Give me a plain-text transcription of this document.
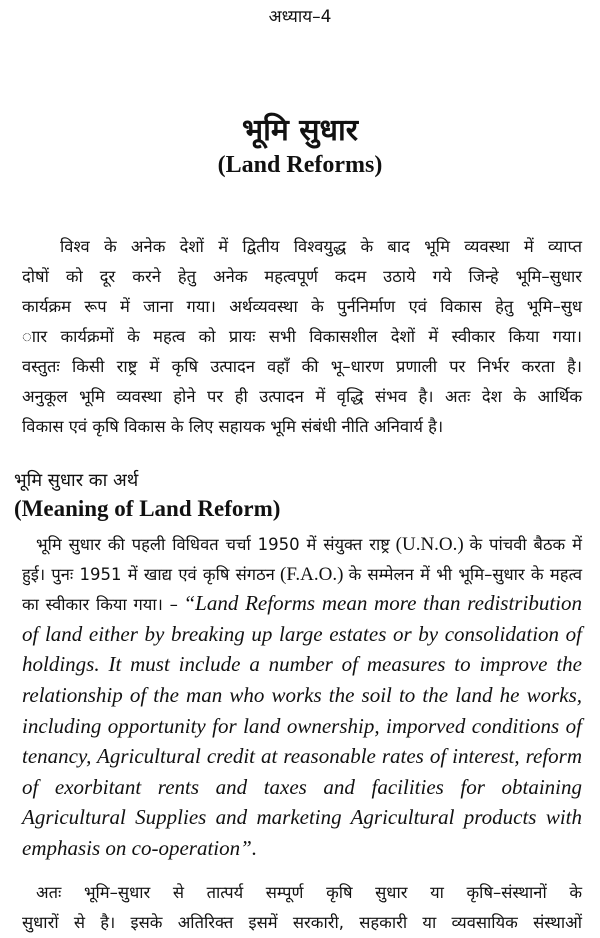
अध्याय–4
भूमि सुधार
(Land Reforms)
विश्व के अनेक देशों में द्वितीय विश्वयुद्ध के बाद भूमि व्यवस्था में व्याप्त
दोषों को दूर करने हेतु अनेक महत्वपूर्ण कदम उठाये गये जिन्हे भूमि–सुधार
कार्यक्रम रूप में जाना गया। अर्थव्यवस्था के पुर्ननिर्माण एवं विकास हेतु भूमि–सुध
ाार कार्यक्रमों के महत्व को प्रायः सभी विकासशील देशों में स्वीकार किया गया।
वस्तुतः किसी राष्ट्र में कृषि उत्पादन वहाँ की भू–धारण प्रणाली पर निर्भर करता है।
अनुकूल भूमि व्यवस्था होने पर ही उत्पादन में वृद्धि संभव है। अतः देश के आर्थिक
विकास एवं कृषि विकास के लिए सहायक भूमि संबंधी नीति अनिवार्य है।
भूमि सुधार का अर्थ
(Meaning of Land Reform)

भूमि सुधार की पहली विधिवत चर्चा 1950 में संयुक्त राष्ट्र (U.N.O.) के पांचवी बैठक में हुई। पुनः 1951 में खाद्य एवं कृषि संगठन (F.A.O.) के सम्मेलन में भी भूमि–सुधार के महत्व का स्वीकार किया गया। – “Land Reforms mean more than redistribution of land either by breaking up large estates or by consolidation of holdings. It must include a number of measures to improve the relationship of the man who works the soil to the land he works, including opportunity for land ownership, imporved conditions of tenancy, Agricultural credit at reasonable rates of interest, reform of exorbitant rents and taxes and facilities for obtaining Agricultural Supplies and marketing Agricultural products with emphasis on co-operation”.

अतः भूमि–सुधार से तात्पर्य सम्पूर्ण कृषि सुधार या कृषि–संस्थानों के
सुधारों से है। इसके अतिरिक्त इसमें सरकारी, सहकारी या व्यवसायिक संस्थाओं
